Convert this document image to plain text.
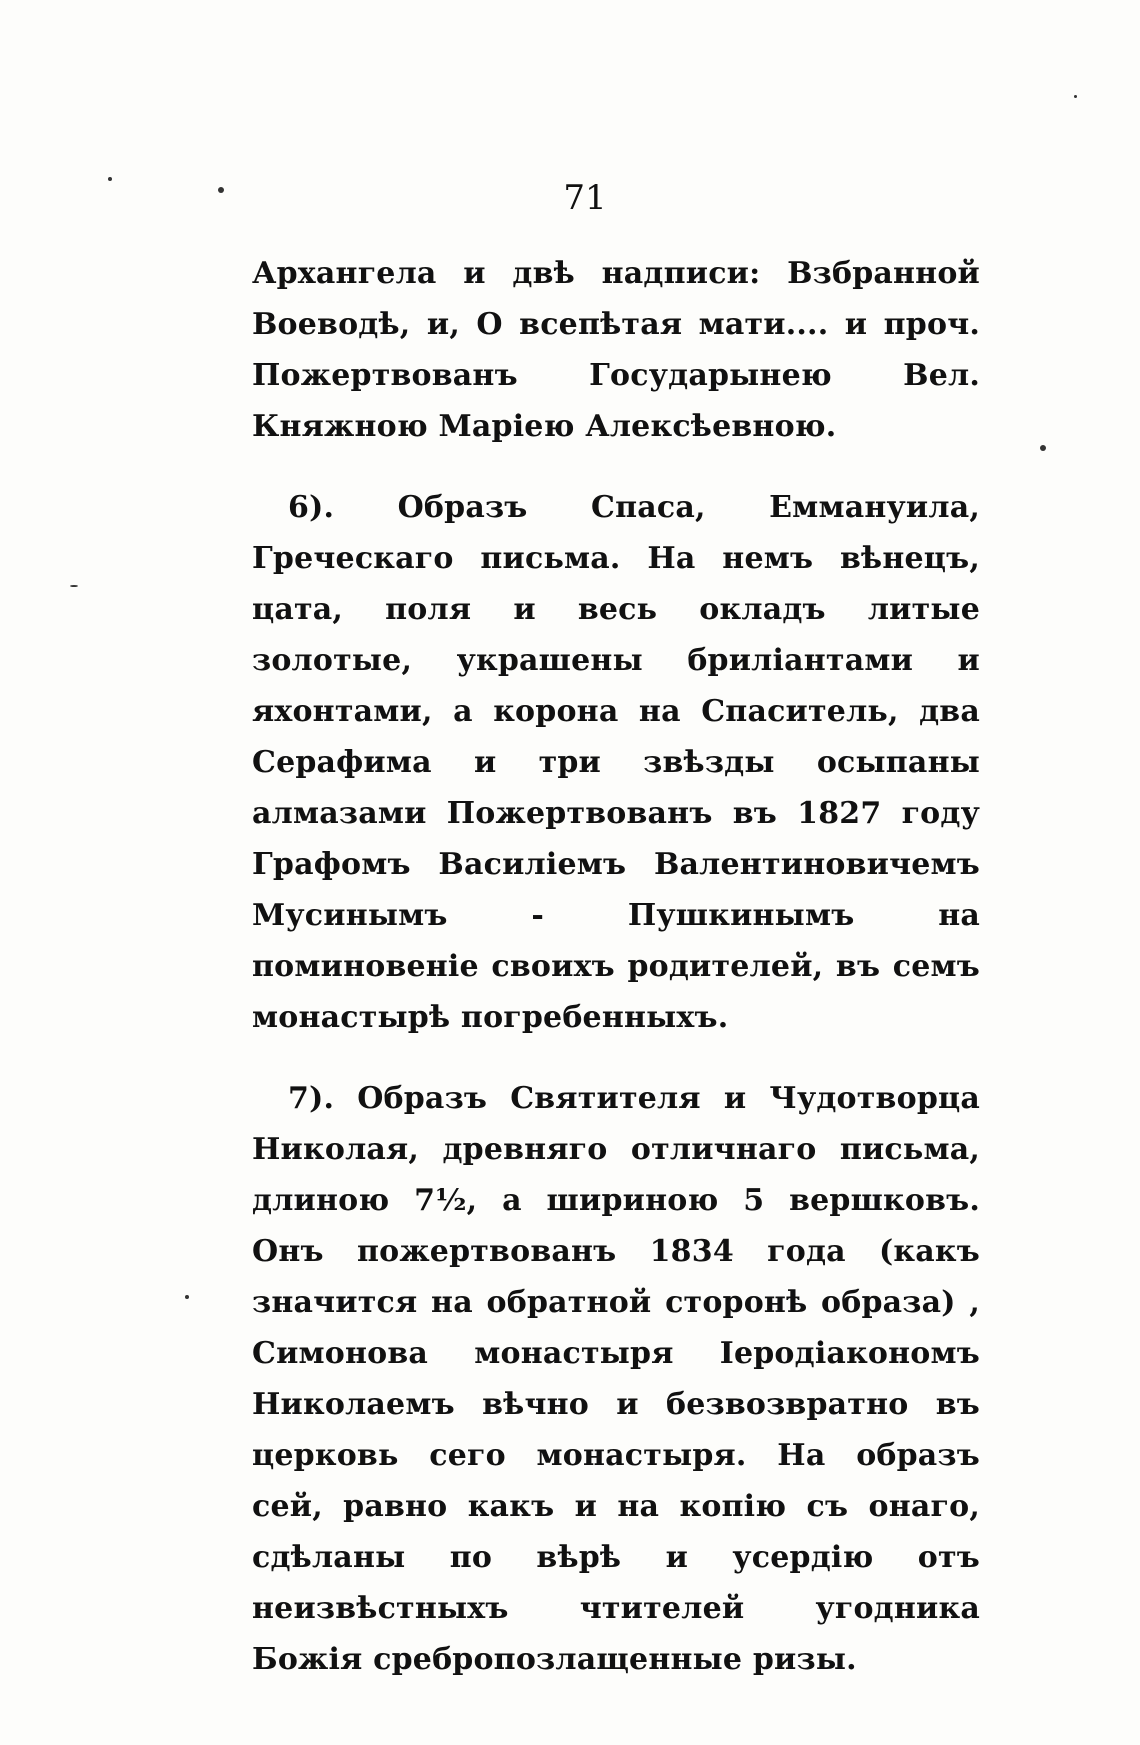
71

Архангела и двѣ надписи: Взбранной Воеводѣ, и, О всепѣтая мати.... и проч. Пожертвованъ Государынею Вел. Княжною Маріею Алексѣевною.

6). Образъ Спаса, Еммануила, Греческаго письма. На немъ вѣнецъ, цата, поля и весь окладъ литые золотые, украшены бриліантами и яхонтами, а корона на Спаситель, два Серафима и три звѣзды осыпаны алмазами Пожертвованъ въ 1827 году Графомъ Василіемъ Валентиновичемъ Мусинымъ - Пушкинымъ на поминовеніе своихъ родителей, въ семъ монастырѣ погребенныхъ.

7). Образъ Святителя и Чудотворца Николая, древняго отличнаго письма, длиною 7½, а шириною 5 вершковъ. Онъ пожертвованъ 1834 года (какъ значится на обратной сторонѣ образа) , Симонова монастыря Іеродіакономъ Николаемъ вѣчно и безвозвратно въ церковь сего монастыря. На образъ сей, равно какъ и на копію съ онаго, сдѣланы по вѣрѣ и усердію отъ неизвѣстныхъ чтителей угодника Божія сребропозлащенные ризы.
